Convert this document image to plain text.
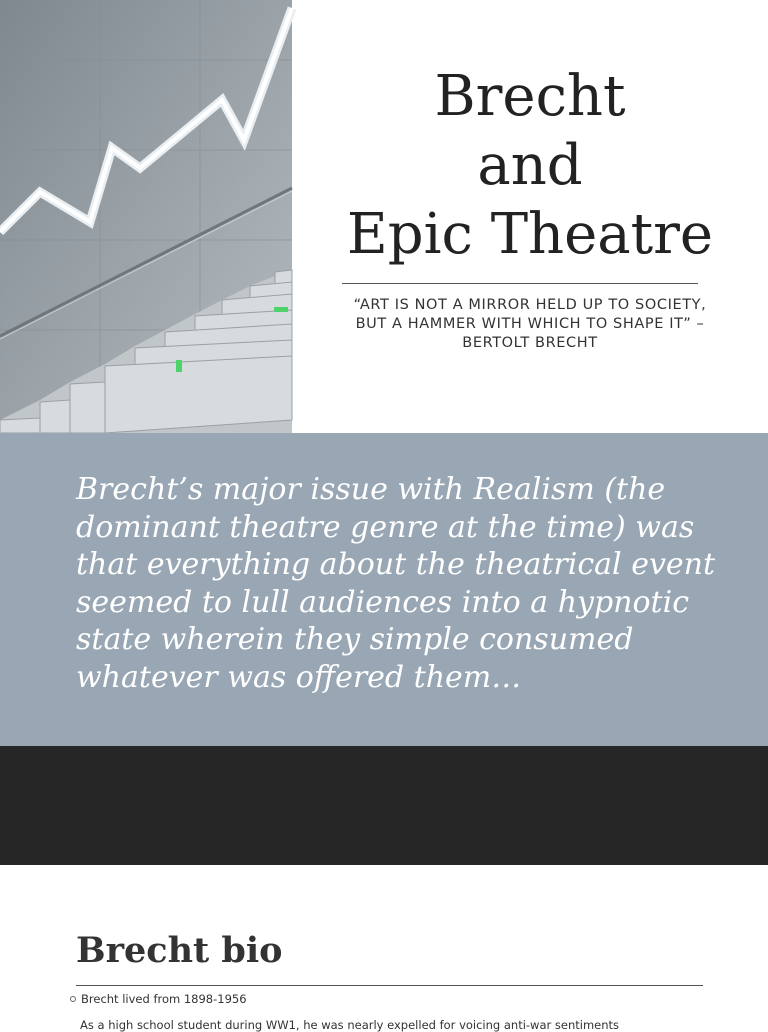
Brecht
and
Epic Theatre
“ART IS NOT A MIRROR HELD UP TO SOCIETY, BUT A HAMMER WITH WHICH TO SHAPE IT” – BERTOLT BRECHT

Brecht’s major issue with Realism (the dominant theatre genre at the time) was that everything about the theatrical event seemed to lull audiences into a hypnotic state wherein they simple consumed whatever was offered them…

Brecht bio
Brecht lived from 1898-1956
As a high school student during WW1, he was nearly expelled for voicing anti-war sentiments
